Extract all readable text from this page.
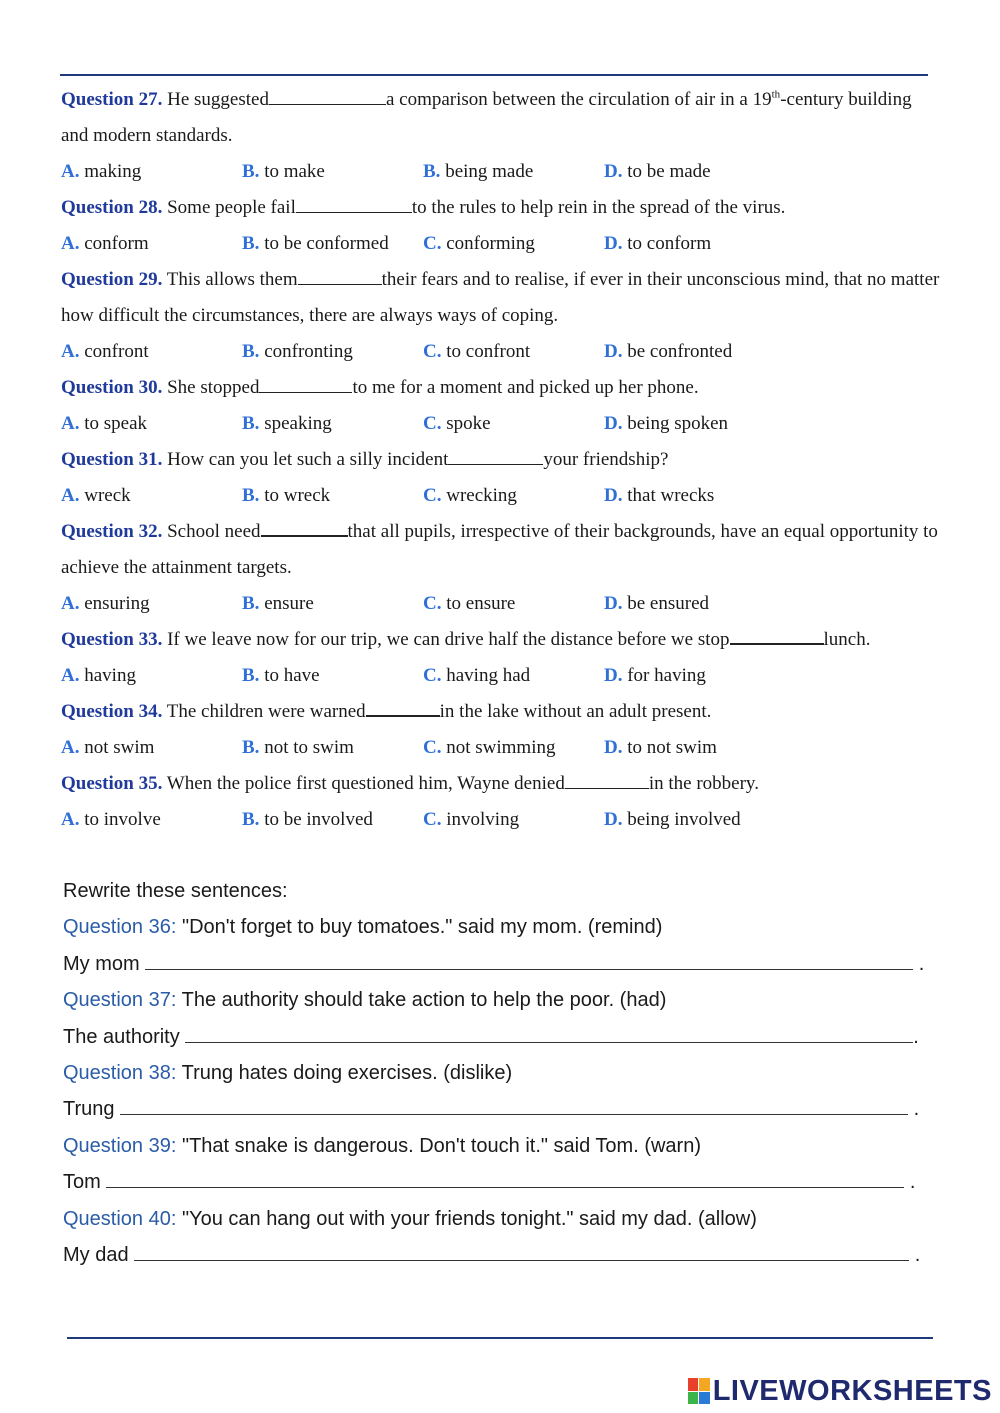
Question 27. He suggested	a comparison between the circulation of air in a 19th-century building and modern standards.
A. making	B. to make	B. being made	D. to be made
Question 28. Some people fail	to the rules to help rein in the spread of the virus.
A. conform	B. to be conformed	C. conforming	D. to conform
Question 29. This allows them	their fears and to realise, if ever in their unconscious mind, that no matter how difficult the circumstances, there are always ways of coping.
A. confront	B. confronting	C. to confront	D. be confronted
Question 30. She stopped	to me for a moment and picked up her phone.
A. to speak	B. speaking	C. spoke	D. being spoken
Question 31. How can you let such a silly incident	your friendship?
A. wreck	B. to wreck	C. wrecking	D. that wrecks
Question 32. School need	that all pupils, irrespective of their backgrounds, have an equal opportunity to achieve the attainment targets.
A. ensuring	B. ensure	C. to ensure	D. be ensured
Question 33. If we leave now for our trip, we can drive half the distance before we stop	lunch.
A. having	B. to have	C. having had	D. for having
Question 34. The children were warned	in the lake without an adult present.
A. not swim	B. not to swim	C. not swimming	D. to not swim
Question 35. When the police first questioned him, Wayne denied	in the robbery.
A. to involve	B. to be involved	C. involving	D. being involved
Rewrite these sentences:
Question 36: "Don't forget to buy tomatoes." said my mom. (remind)
My mom	.
Question 37: The authority should take action to help the poor. (had)
The authority	.
Question 38: Trung hates doing exercises. (dislike)
Trung	.
Question 39: "That snake is dangerous. Don't touch it." said Tom. (warn)
Tom	.
Question 40: "You can hang out with your friends tonight." said my dad. (allow)
My dad	.
LIVEWORKSHEETS
